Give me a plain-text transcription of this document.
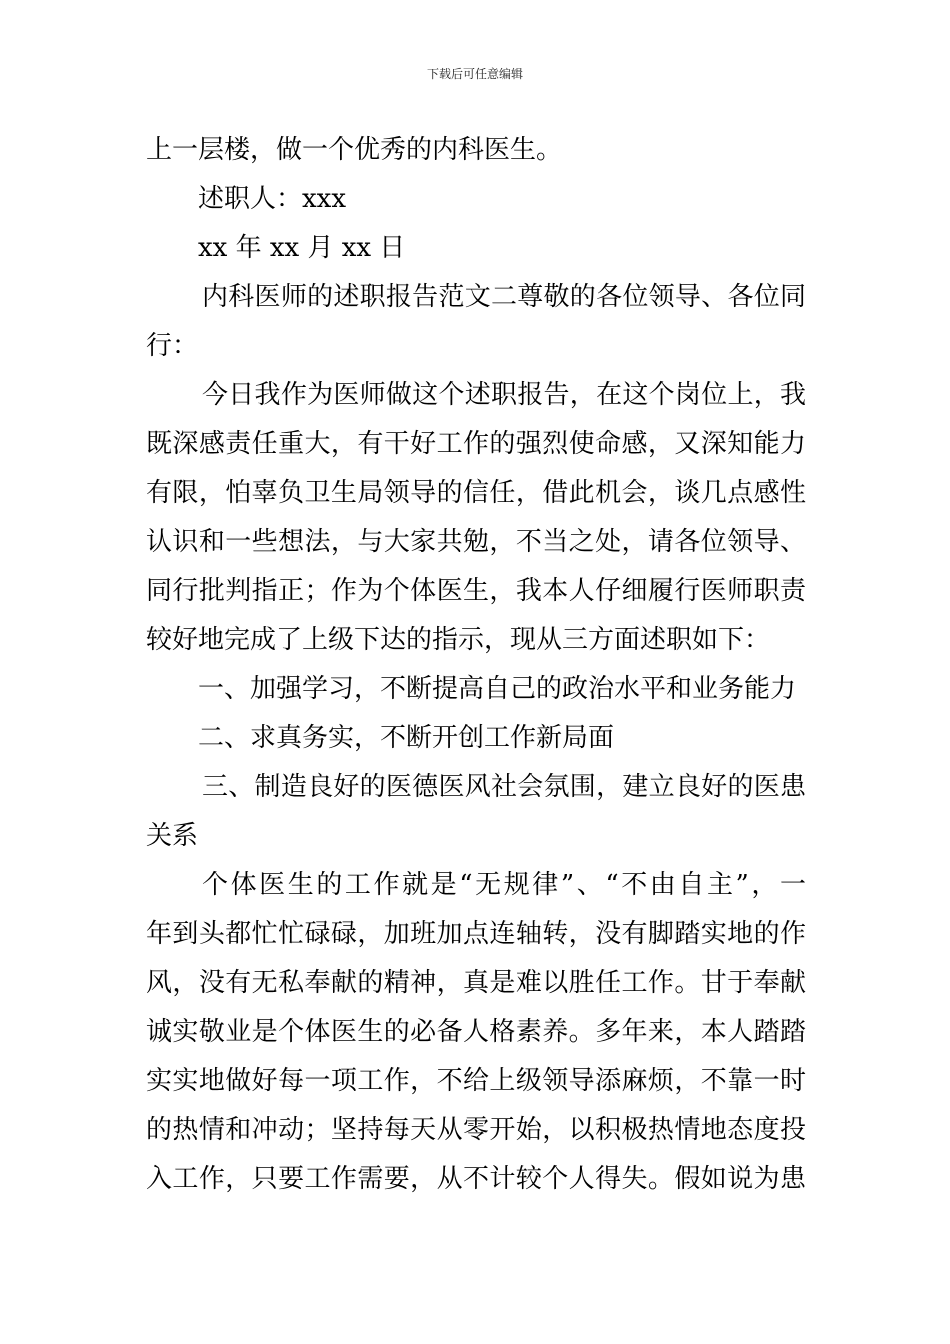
下载后可任意编辑
上一层楼，做一个优秀的内科医生。
述职人：xxx
xx 年 xx 月 xx 日
内科医师的述职报告范文二尊敬的各位领导、各位同
行：
今日我作为医师做这个述职报告，在这个岗位上，我
既深感责任重大，有干好工作的强烈使命感，又深知能力
有限，怕辜负卫生局领导的信任，借此机会，谈几点感性
认识和一些想法，与大家共勉，不当之处，请各位领导、
同行批判指正；作为个体医生，我本人仔细履行医师职责
较好地完成了上级下达的指示，现从三方面述职如下：
一、加强学习，不断提高自己的政治水平和业务能力
二、求真务实，不断开创工作新局面
三、制造良好的医德医风社会氛围，建立良好的医患
关系
个体医生的工作就是“无规律”、“不由自主”，一
年到头都忙忙碌碌，加班加点连轴转，没有脚踏实地的作
风，没有无私奉献的精神，真是难以胜任工作。甘于奉献
诚实敬业是个体医生的必备人格素养。多年来，本人踏踏
实实地做好每一项工作，不给上级领导添麻烦，不靠一时
的热情和冲动；坚持每天从零开始，以积极热情地态度投
入工作，只要工作需要，从不计较个人得失。假如说为患
